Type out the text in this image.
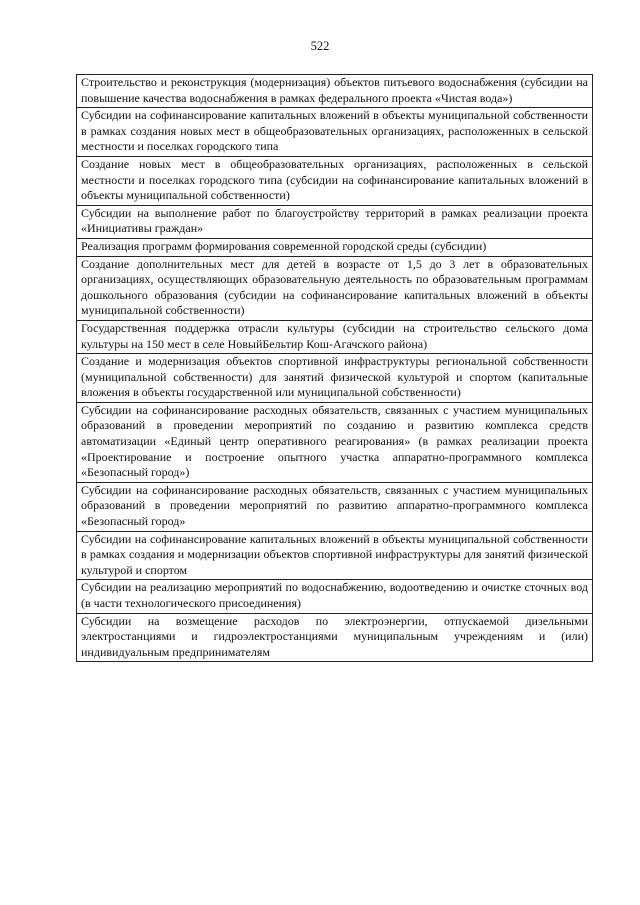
522
Строительство и реконструкция (модернизация) объектов питьевого водоснабжения (субсидии на повышение качества водоснабжения в рамках федерального проекта «Чистая вода»)
Субсидии на софинансирование капитальных вложений в объекты муниципальной собственности в рамках создания новых мест в общеобразовательных организациях, расположенных в сельской местности и поселках городского типа
Создание новых мест в общеобразовательных организациях, расположенных в сельской местности и поселках городского типа (субсидии на софинансирование капитальных вложений в объекты муниципальной собственности)
Субсидии на выполнение работ по благоустройству территорий в рамках реализации проекта «Инициативы граждан»
Реализация программ формирования современной городской среды (субсидии)
Создание дополнительных мест для детей в возрасте от 1,5 до 3 лет в образовательных организациях, осуществляющих образовательную деятельность по образовательным программам дошкольного образования (субсидии на софинансирование капитальных вложений в объекты муниципальной собственности)
Государственная поддержка отрасли культуры (субсидии на строительство сельского дома культуры на 150 мест в селе НовыйБельтир Кош-Агачского района)
Создание и модернизация объектов спортивной инфраструктуры региональной собственности (муниципальной собственности) для занятий физической культурой и спортом (капитальные вложения в объекты государственной или муниципальной собственности)
Субсидии на софинансирование расходных обязательств, связанных с участием муниципальных образований в проведении мероприятий по созданию и развитию комплекса средств автоматизации «Единый центр оперативного реагирования» (в рамках реализации проекта «Проектирование и построение опытного участка аппаратно-программного комплекса «Безопасный город»)
Субсидии на софинансирование расходных обязательств, связанных с участием муниципальных образований в проведении мероприятий по развитию аппаратно-программного комплекса «Безопасный город»
Субсидии на софинансирование капитальных вложений в объекты муниципальной собственности в рамках создания и модернизации объектов спортивной инфраструктуры для занятий физической культурой и спортом
Субсидии на реализацию мероприятий по водоснабжению, водоотведению и очистке сточных вод (в части технологического присоединения)
Субсидии на возмещение расходов по электроэнергии, отпускаемой дизельными электростанциями и гидроэлектростанциями муниципальным учреждениям и (или) индивидуальным предпринимателям
